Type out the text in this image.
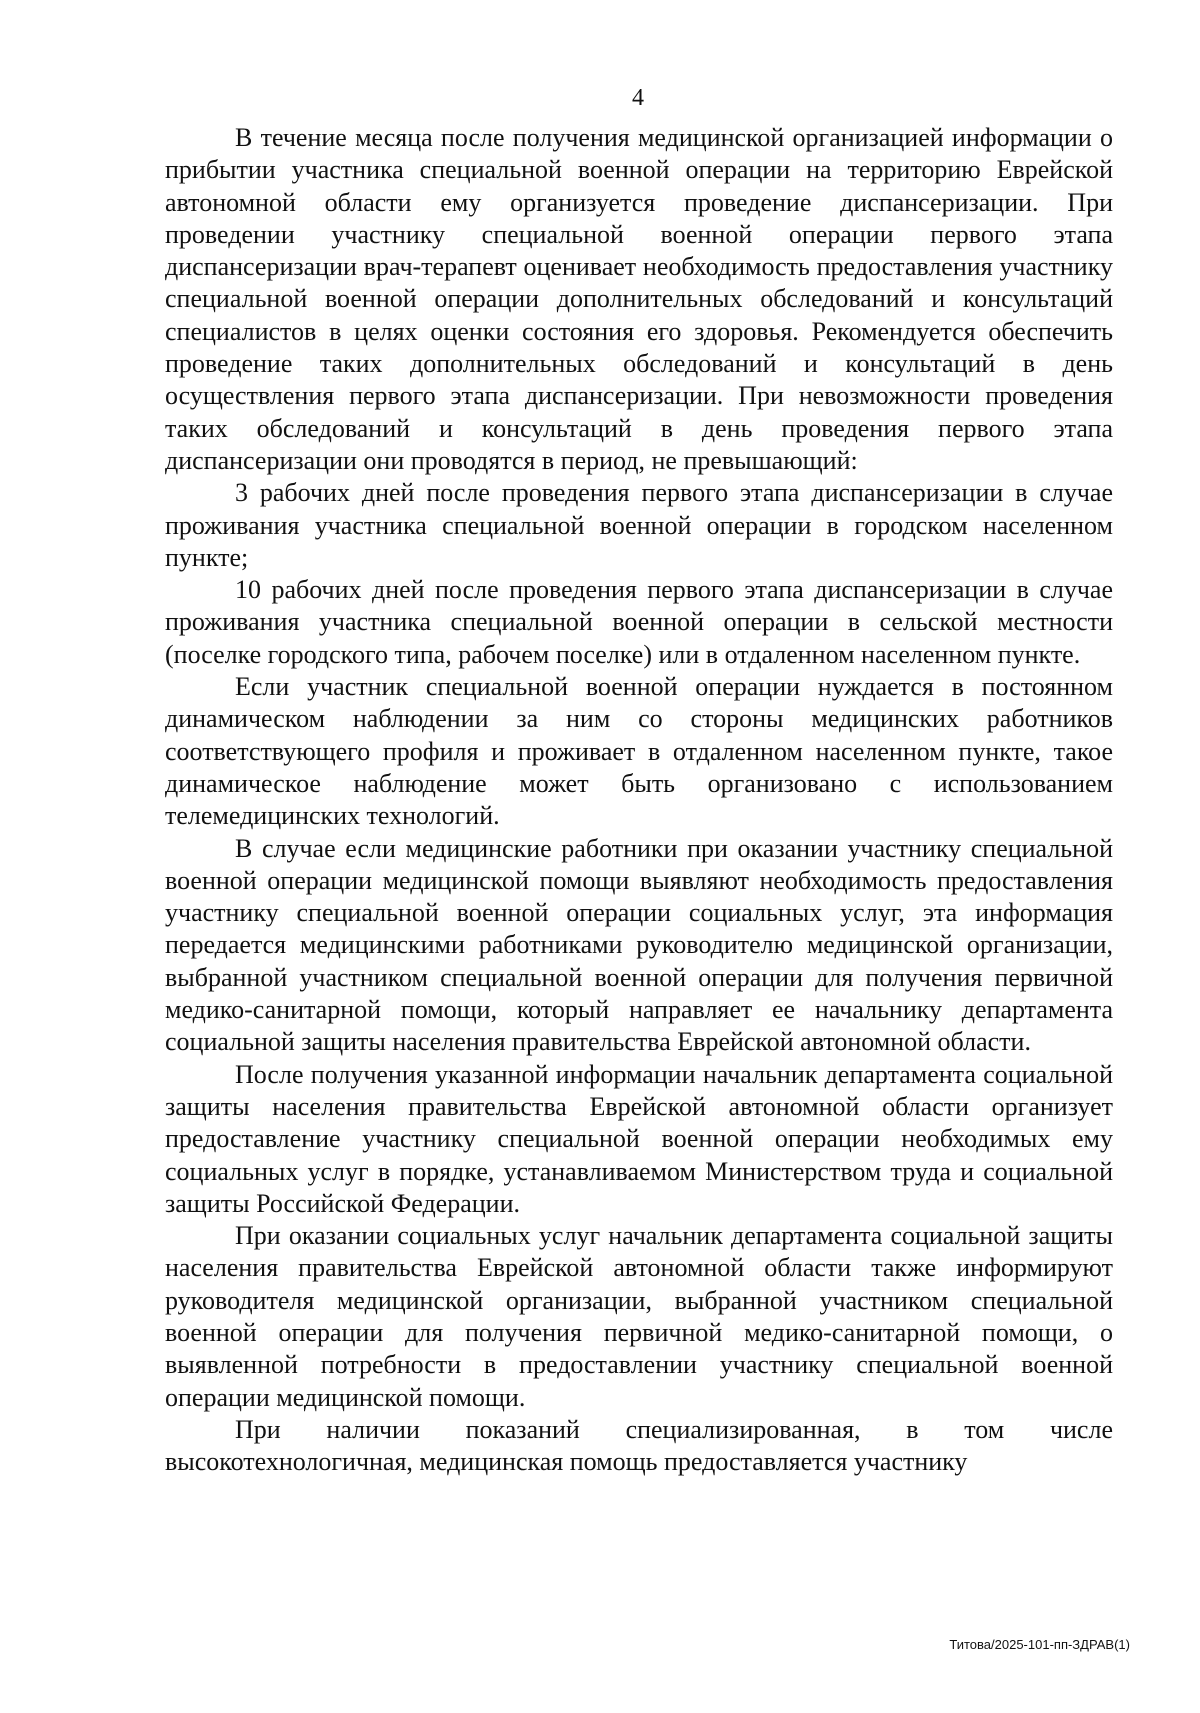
4

В течение месяца после получения медицинской организацией информации о прибытии участника специальной военной операции на территорию Еврейской автономной области ему организуется проведение диспансеризации. При проведении участнику специальной военной операции первого этапа диспансеризации врач-терапевт оценивает необходимость предоставления участнику специальной военной операции дополнительных обследований и консультаций специалистов в целях оценки состояния его здоровья. Рекомендуется обеспечить проведение таких дополнительных обследований и консультаций в день осуществления первого этапа диспансеризации. При невозможности проведения таких обследований и консультаций в день проведения первого этапа диспансеризации они проводятся в период, не превышающий:

3 рабочих дней после проведения первого этапа диспансеризации в случае проживания участника специальной военной операции в городском населенном пункте;

10 рабочих дней после проведения первого этапа диспансеризации в случае проживания участника специальной военной операции в сельской местности (поселке городского типа, рабочем поселке) или в отдаленном населенном пункте.

Если участник специальной военной операции нуждается в постоянном динамическом наблюдении за ним со стороны медицинских работников соответствующего профиля и проживает в отдаленном населенном пункте, такое динамическое наблюдение может быть организовано с использованием телемедицинских технологий.

В случае если медицинские работники при оказании участнику специальной военной операции медицинской помощи выявляют необходимость предоставления участнику специальной военной операции социальных услуг, эта информация передается медицинскими работниками руководителю медицинской организации, выбранной участником специальной военной операции для получения первичной медико-санитарной помощи, который направляет ее начальнику департамента социальной защиты населения правительства Еврейской автономной области.

После получения указанной информации начальник департамента социальной защиты населения правительства Еврейской автономной области организует предоставление участнику специальной военной операции необходимых ему социальных услуг в порядке, устанавливаемом Министерством труда и социальной защиты Российской Федерации.

При оказании социальных услуг начальник департамента социальной защиты населения правительства Еврейской автономной области также информируют руководителя медицинской организации, выбранной участником специальной военной операции для получения первичной медико-санитарной помощи, о выявленной потребности в предоставлении участнику специальной военной операции медицинской помощи.

При наличии показаний специализированная, в том числе высокотехнологичная, медицинская помощь предоставляется участнику

Титова/2025-101-пп-ЗДРАВ(1)
